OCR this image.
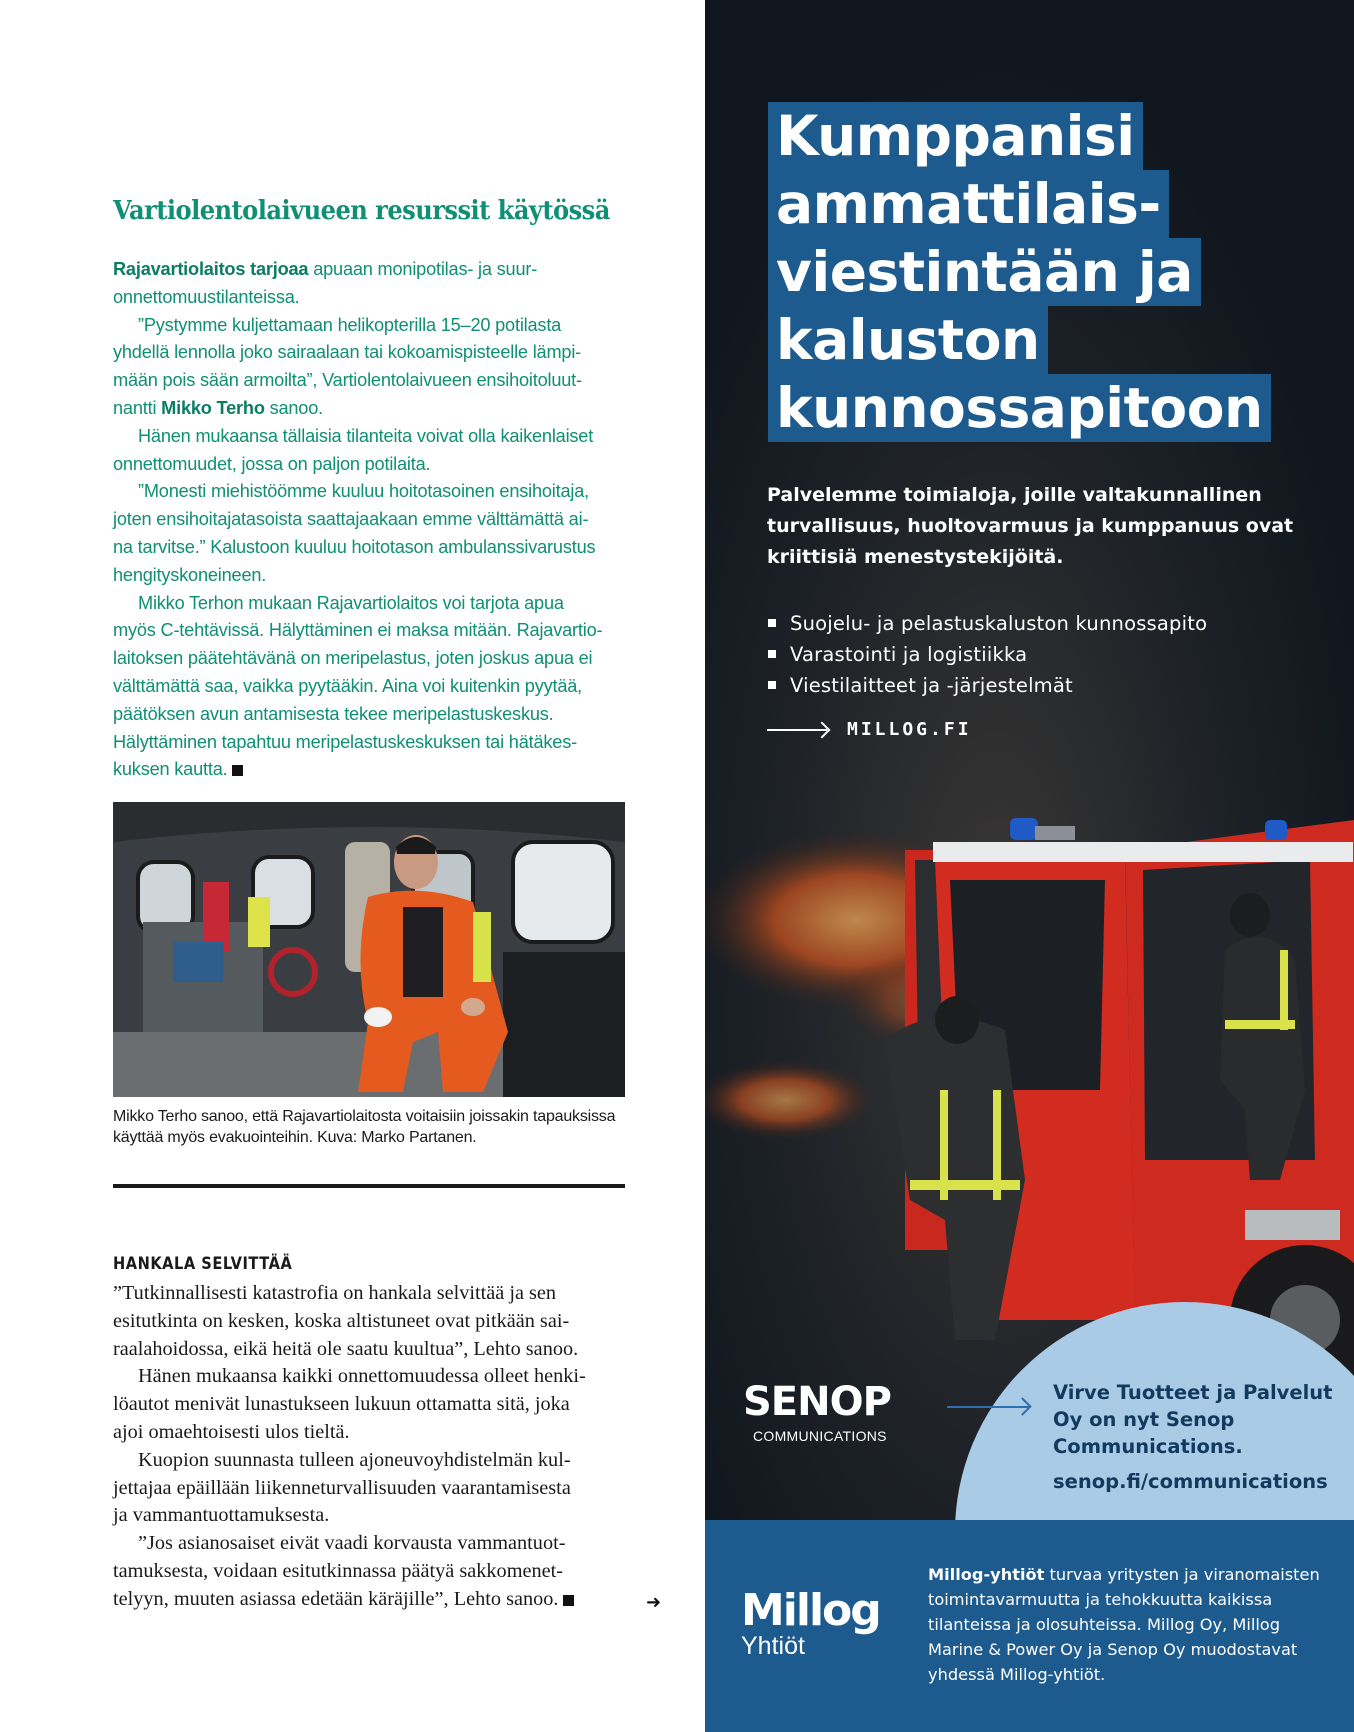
Vartiolentolaivueen resurssit käytössä
Rajavartiolaitos tarjoaa apuaan monipotilas- ja suur-
onnettomuustilanteissa.
”Pystymme kuljettamaan helikopterilla 15–20 potilasta
yhdellä lennolla joko sairaalaan tai kokoamispisteelle lämpi-
mään pois sään armoilta”, Vartiolentolaivueen ensihoitoluut-
nantti Mikko Terho sanoo.
Hänen mukaansa tällaisia tilanteita voivat olla kaikenlaiset
onnettomuudet, jossa on paljon potilaita.
”Monesti miehistöömme kuuluu hoitotasoinen ensihoitaja,
joten ensihoitajatasoista saattajaakaan emme välttämättä ai-
na tarvitse.” Kalustoon kuuluu hoitotason ambulanssivarustus
hengityskoneineen.
Mikko Terhon mukaan Rajavartiolaitos voi tarjota apua
myös C-tehtävissä. Hälyttäminen ei maksa mitään. Rajavartio-
laitoksen päätehtävänä on meripelastus, joten joskus apua ei
välttämättä saa, vaikka pyytääkin. Aina voi kuitenkin pyytää,
päätöksen avun antamisesta tekee meripelastuskeskus.
Hälyttäminen tapahtuu meripelastuskeskuksen tai hätäkes-
kuksen kautta.

Mikko Terho sanoo, että Rajavartiolaitosta voitaisiin joissakin tapauksissa käyttää myös evakuointeihin. Kuva: Marko Partanen.

HANKALA SELVITTÄÄ
”Tutkinnallisesti katastrofia on hankala selvittää ja sen
esitutkinta on kesken, koska altistuneet ovat pitkään sai-
raalahoidossa, eikä heitä ole saatu kuultua”, Lehto sanoo.
Hänen mukaansa kaikki onnettomuudessa olleet henki-
löautot menivät lunastukseen lukuun ottamatta sitä, joka
ajoi omaehtoisesti ulos tieltä.
Kuopion suunnasta tulleen ajoneuvoyhdistelmän kul-
jettajaa epäillään liikenneturvallisuuden vaarantamisesta
ja vammantuottamuksesta.
”Jos asianosaiset eivät vaadi korvausta vammantuot-
tamuksesta, voidaan esitutkinnassa päätyä sakkomenet-
telyyn, muuten asiassa edetään käräjille”, Lehto sanoo.	➜
Kumppanisi
ammattilais-
viestintään ja
kaluston
kunnossapitoon

Palvelemme toimialoja, joille valtakunnallinen turvallisuus, huoltovarmuus ja kumppanuus ovat kriittisiä menestystekijöitä.

Suojelu- ja pelastuskaluston kunnossapito
Varastointi ja logistiikka
Viestilaitteet ja -järjestelmät
MILLOG.FI
SENOP
COMMUNICATIONS

Virve Tuotteet ja Palvelut Oy on nyt Senop Communications.

senop.fi/communications

Millog
Yhtiöt

Millog-yhtiöt turvaa yritysten ja viranomaisten toimintavarmuutta ja tehokkuutta kaikissa tilanteissa ja olosuhteissa. Millog Oy, Millog Marine & Power Oy ja Senop Oy muodostavat yhdessä Millog-yhtiöt.
